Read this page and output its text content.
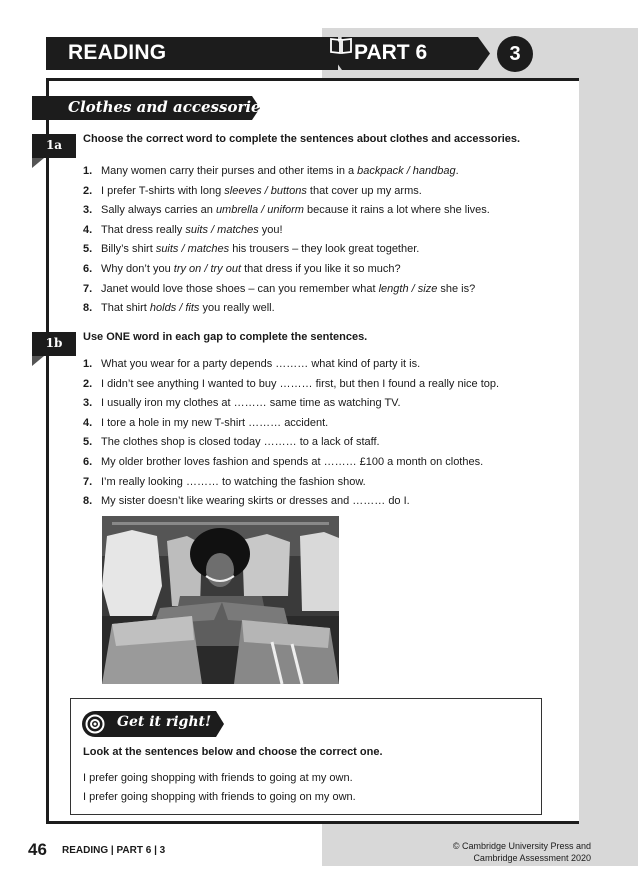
READING	PART 6	3
Clothes and accessories
1a	Choose the correct word to complete the sentences about clothes and accessories.
1. Many women carry their purses and other items in a backpack / handbag.
2. I prefer T-shirts with long sleeves / buttons that cover up my arms.
3. Sally always carries an umbrella / uniform because it rains a lot where she lives.
4. That dress really suits / matches you!
5. Billy’s shirt suits / matches his trousers – they look great together.
6. Why don’t you try on / try out that dress if you like it so much?
7. Janet would love those shoes – can you remember what length / size she is?
8. That shirt holds / fits you really well.
1b	Use ONE word in each gap to complete the sentences.
1. What you wear for a party depends ……… what kind of party it is.
2. I didn’t see anything I wanted to buy ……… first, but then I found a really nice top.
3. I usually iron my clothes at ……… same time as watching TV.
4. I tore a hole in my new T-shirt ……… accident.
5. The clothes shop is closed today ……… to a lack of staff.
6. My older brother loves fashion and spends at ……… £100 a month on clothes.
7. I’m really looking ……… to watching the fashion show.
8. My sister doesn’t like wearing skirts or dresses and ……… do I.
Get it right!
Look at the sentences below and choose the correct one.
I prefer going shopping with friends to going at my own.
I prefer going shopping with friends to going on my own.
46 READING | PART 6 | 3	© Cambridge University Press and
Cambridge Assessment 2020
